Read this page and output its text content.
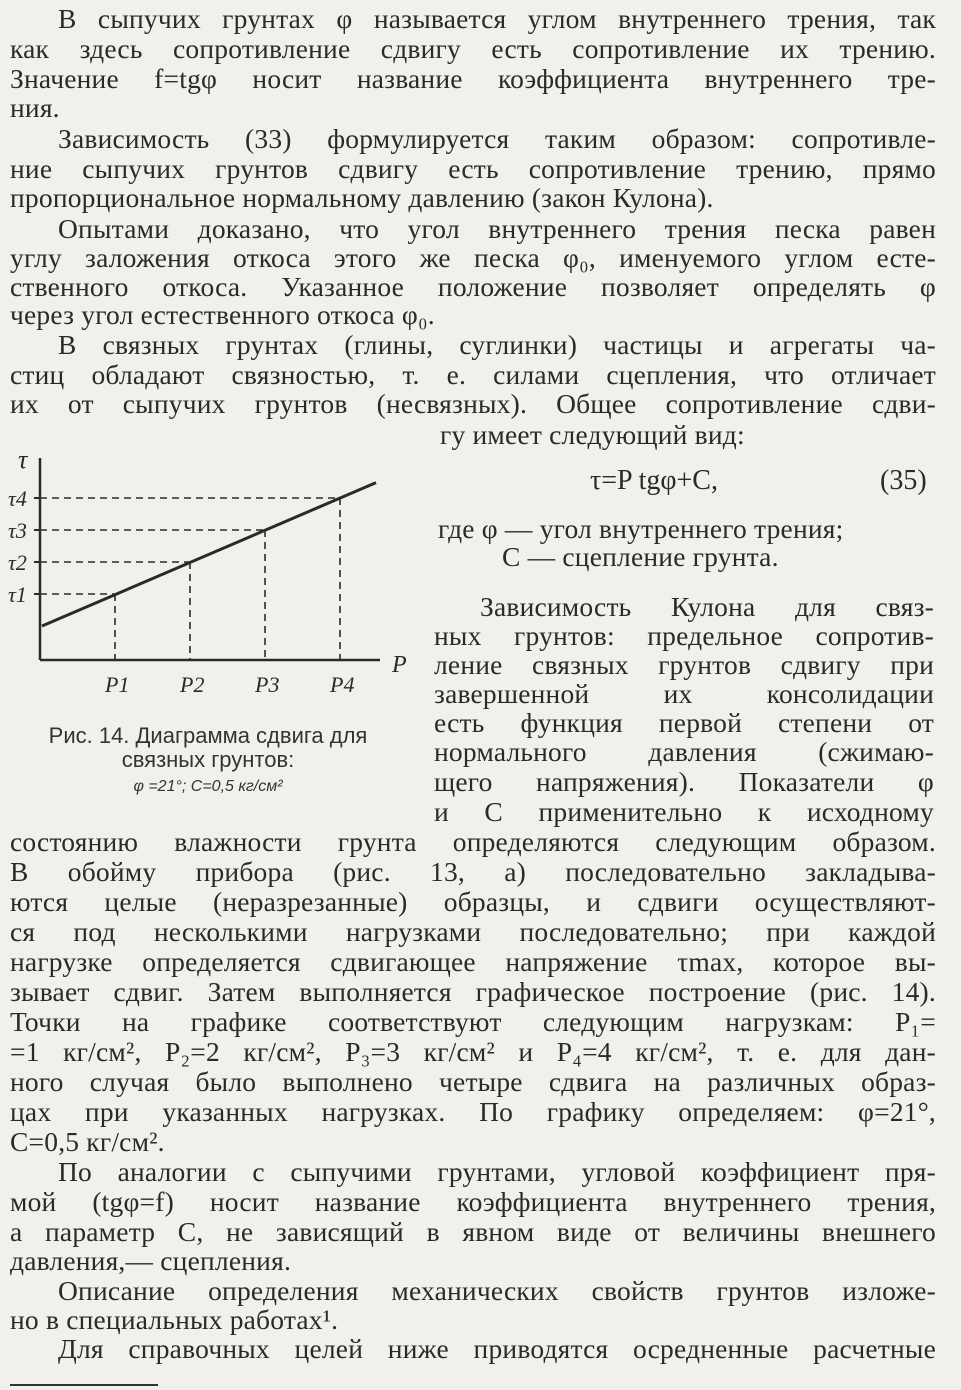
В сыпучих грунтах φ называется углом внутреннего трения, так
как здесь сопротивление сдвигу есть сопротивление их трению.
Значение f=tgφ носит название коэффициента внутреннего тре-
ния.
Зависимость (33) формулируется таким образом: сопротивле-
ние сыпучих грунтов сдвигу есть сопротивление трению, прямо
пропорциональное нормальному давлению (закон Кулона).
Опытами доказано, что угол внутреннего трения песка равен
углу заложения откоса этого же песка φ₀, именуемого углом есте-
ственного откоса. Указанное положение позволяет определять φ
через угол естественного откоса φ₀.
В связных грунтах (глины, суглинки) частицы и агрегаты ча-
стиц обладают связностью, т. е. силами сцепления, что отличает
их от сыпучих грунтов (несвязных). Общее сопротивление сдви-
гу имеет следующий вид:
τ=P tgφ+C,	(35)
где φ — угол внутреннего трения;
C — сцепление грунта.
Зависимость Кулона для связ-
ных грунтов: предельное сопротив-
ление связных грунтов сдвигу при
завершенной их консолидации
есть функция первой степени от
нормального давления (сжимаю-
щего напряжения). Показатели φ
и C применительно к исходному
состоянию влажности грунта определяются следующим образом.
В обойму прибора (рис. 13, а) последовательно закладыва-
ются целые (неразрезанные) образцы, и сдвиги осуществляют-
ся под несколькими нагрузками последовательно; при каждой
нагрузке определяется сдвигающее напряжение τmax, которое вы-
зывает сдвиг. Затем выполняется графическое построение (рис. 14).
Точки на графике соответствуют следующим нагрузкам: P₁=
=1 кг/см², P₂=2 кг/см², P₃=3 кг/см² и P₄=4 кг/см², т. е. для дан-
ного случая было выполнено четыре сдвига на различных образ-
цах при указанных нагрузках. По графику определяем: φ=21°,
C=0,5 кг/см².
По аналогии с сыпучими грунтами, угловой коэффициент пря-
мой (tgφ=f) носит название коэффициента внутреннего трения,
а параметр C, не зависящий в явном виде от величины внешнего
давления,— сцепления.
Описание определения механических свойств грунтов изложе-
но в специальных работах¹.
Для справочных целей ниже приводятся осредненные расчетные
P1
τ1
P2
τ2
P3
τ3
P4
τ4
P
τ
Рис. 14. Диаграмма сдвига для
связных грунтов:
φ =21°; C=0,5 кг/см²
